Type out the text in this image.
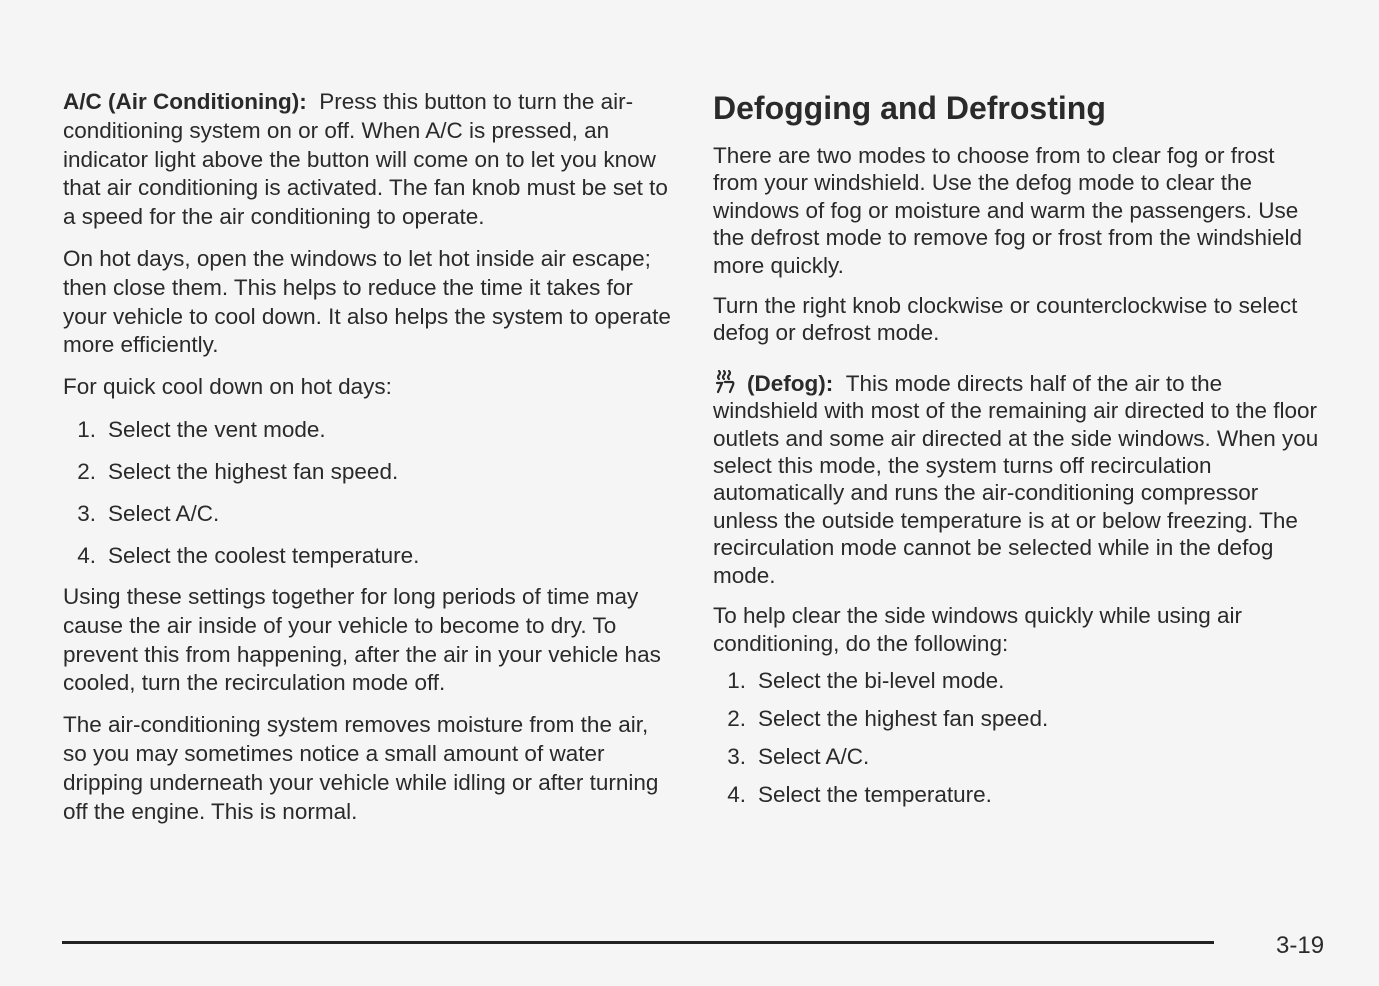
A/C (Air Conditioning): Press this button to turn the air-conditioning system on or off. When A/C is pressed, an indicator light above the button will come on to let you know that air conditioning is activated. The fan knob must be set to a speed for the air conditioning to operate.

On hot days, open the windows to let hot inside air escape; then close them. This helps to reduce the time it takes for your vehicle to cool down. It also helps the system to operate more efficiently.

For quick cool down on hot days:

1. Select the vent mode.
2. Select the highest fan speed.
3. Select A/C.
4. Select the coolest temperature.

Using these settings together for long periods of time may cause the air inside of your vehicle to become to dry. To prevent this from happening, after the air in your vehicle has cooled, turn the recirculation mode off.

The air-conditioning system removes moisture from the air, so you may sometimes notice a small amount of water dripping underneath your vehicle while idling or after turning off the engine. This is normal.

Defogging and Defrosting

There are two modes to choose from to clear fog or frost from your windshield. Use the defog mode to clear the windows of fog or moisture and warm the passengers. Use the defrost mode to remove fog or frost from the windshield more quickly.

Turn the right knob clockwise or counterclockwise to select defog or defrost mode.

(Defog): This mode directs half of the air to the windshield with most of the remaining air directed to the floor outlets and some air directed at the side windows. When you select this mode, the system turns off recirculation automatically and runs the air-conditioning compressor unless the outside temperature is at or below freezing. The recirculation mode cannot be selected while in the defog mode.

To help clear the side windows quickly while using air conditioning, do the following:

1. Select the bi-level mode.
2. Select the highest fan speed.
3. Select A/C.
4. Select the temperature.
3-19
